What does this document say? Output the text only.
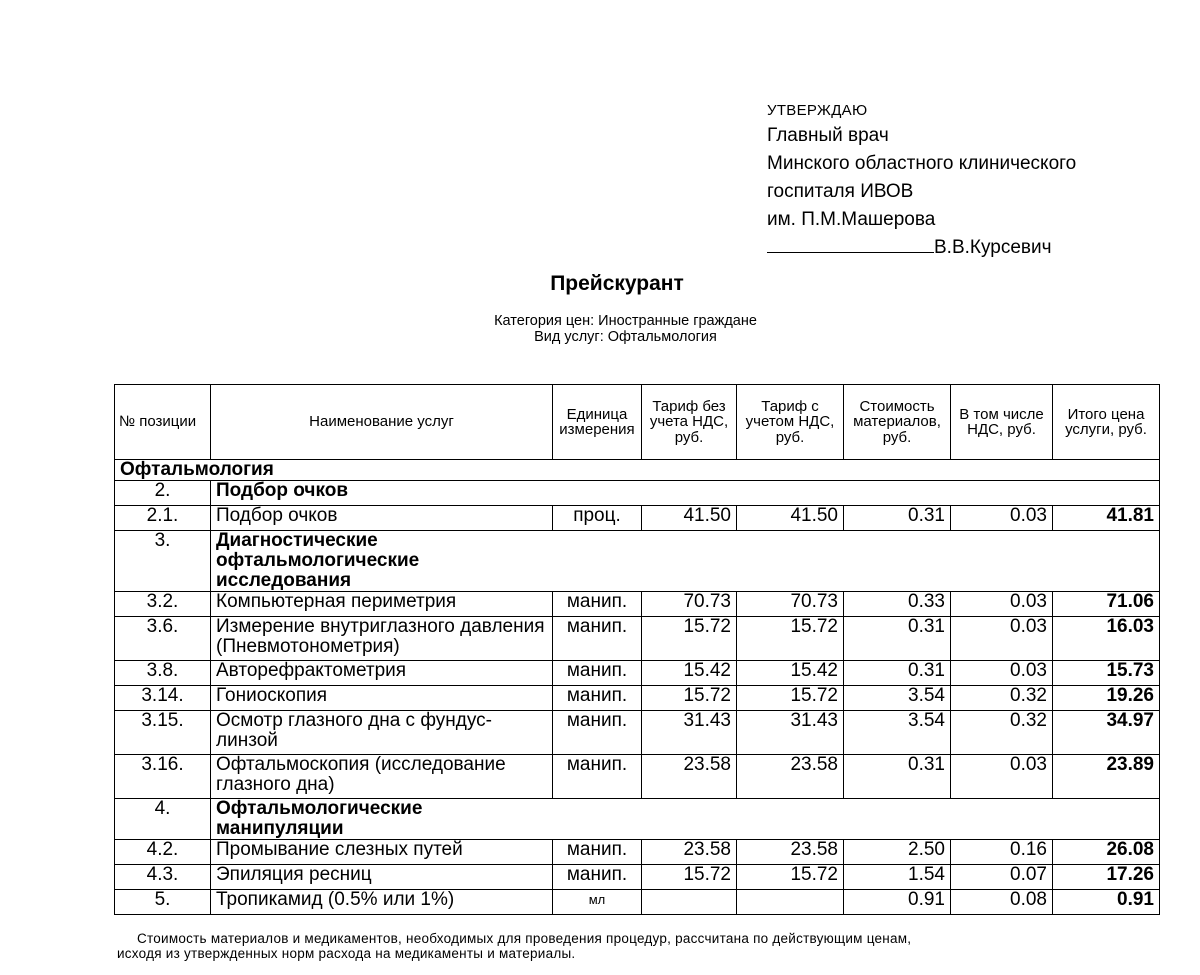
УТВЕРЖДАЮ
Главный врач
Минского областного клинического
госпиталя ИВОВ
им. П.М.Машерова
В.В.Курсевич
Прейскурант
Категория цен: Иностранные граждане
Вид услуг: Офтальмология
№ позиции	Наименование услуг	Единица измерения	Тариф без учета НДС, руб.	Тариф с учетом НДС, руб.	Стоимость материалов, руб.	В том числе НДС, руб.	Итого цена услуги, руб.
Офтальмология							
2.	Подбор очков						
2.1.	Подбор очков	проц.	41.50	41.50	0.31	0.03	41.81
3.	Диагностические офтальмологические исследования						

3.2.	Компьютерная периметрия	манип.	70.73	70.73	0.33	0.03	71.06
3.6.	Измерение внутриглазного давления (Пневмотонометрия)	манип.	15.72	15.72	0.31	0.03	16.03
3.8.	Авторефрактометрия	манип.	15.42	15.42	0.31	0.03	15.73
3.14.	Гониоскопия	манип.	15.72	15.72	3.54	0.32	19.26
3.15.	Осмотр глазного дна с фундус-линзой	манип.	31.43	31.43	3.54	0.32	34.97
3.16.	Офтальмоскопия (исследование глазного дна)	манип.	23.58	23.58	0.31	0.03	23.89
4.	Офтальмологические манипуляции						

4.2.	Промывание слезных путей	манип.	23.58	23.58	2.50	0.16	26.08
4.3.	Эпиляция ресниц	манип.	15.72	15.72	1.54	0.07	17.26
5.	Тропикамид (0.5% или 1%)	мл			0.91	0.08	0.91
Стоимость материалов и медикаментов, необходимых для проведения процедур, рассчитана по действующим ценам,
исходя из утвержденных норм расхода на медикаменты и материалы.
